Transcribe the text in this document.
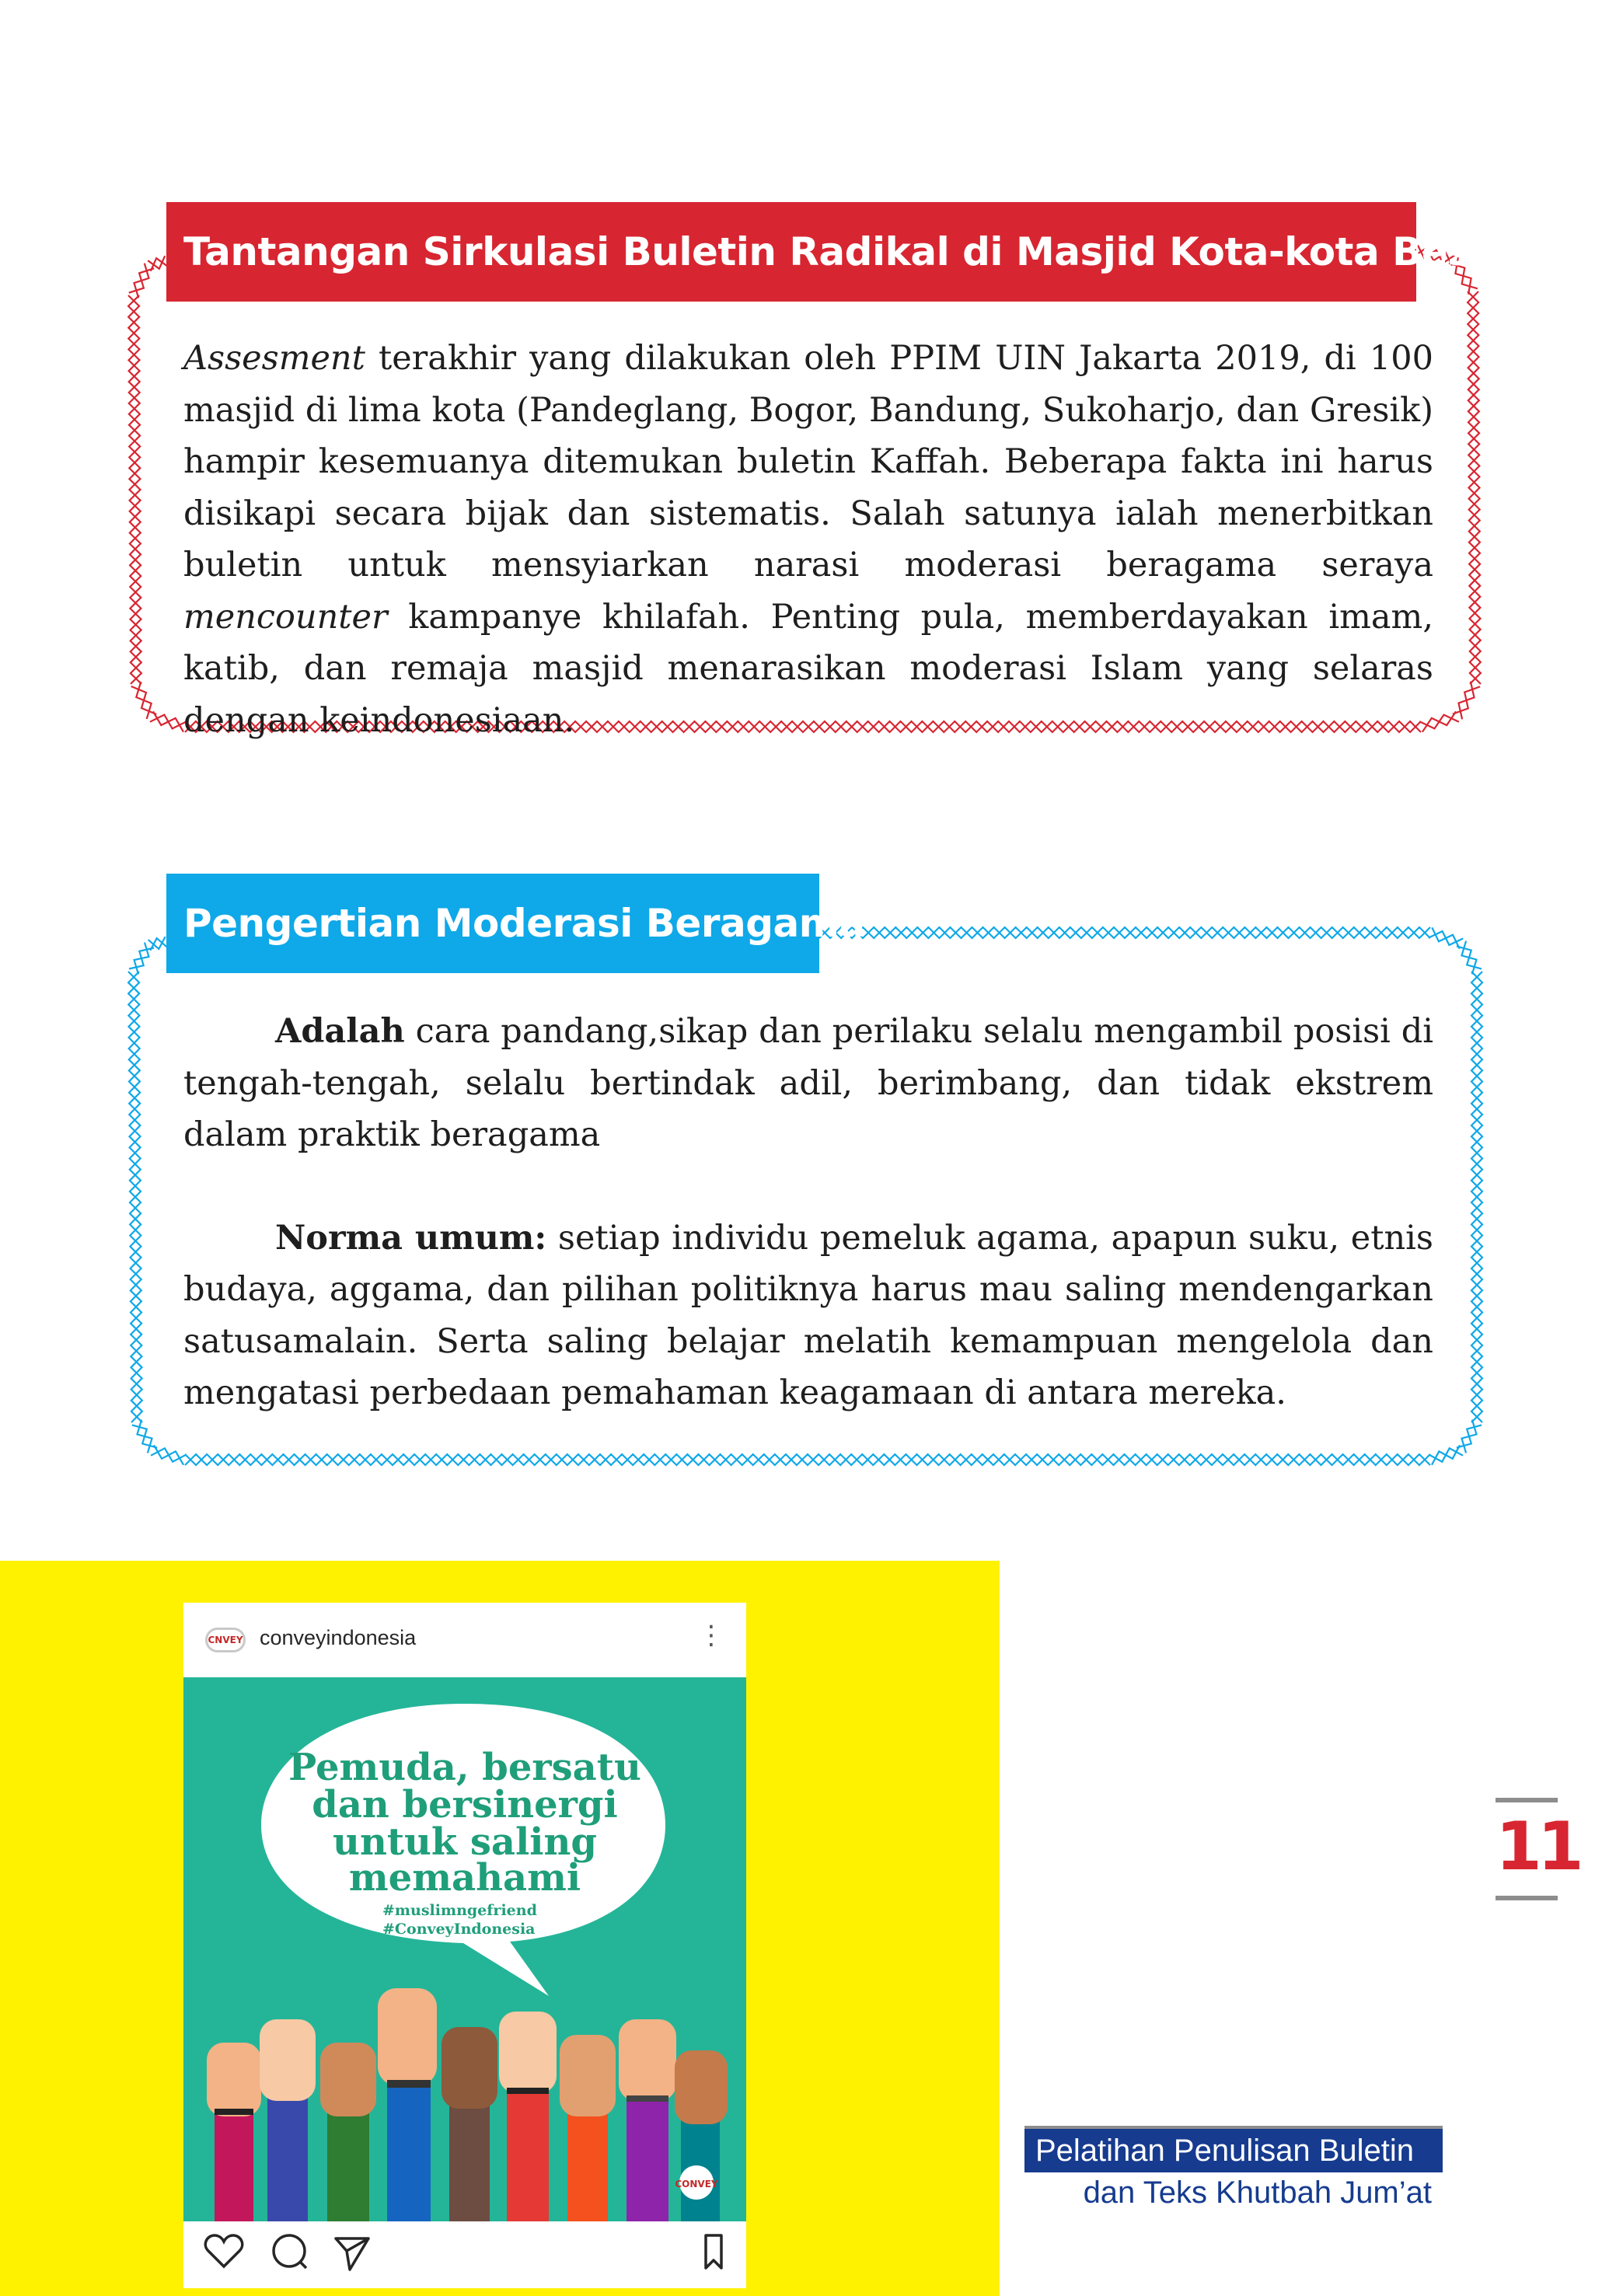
Tantangan Sirkulasi Buletin Radikal di Masjid Kota-kota Besar

Assesment terakhir yang dilakukan oleh PPIM UIN Jakarta 2019, di 100 masjid di lima kota (Pandeglang, Bogor, Bandung, Sukoharjo, dan Gresik) hampir kesemuanya ditemukan buletin Kaffah. Beberapa fakta ini harus disikapi secara bijak dan sistematis. Salah satunya ialah menerbitkan buletin untuk mensyiarkan narasi moderasi beragama seraya mencounter kampanye khilafah. Penting pula, memberdayakan imam, katib, dan remaja masjid menarasikan moderasi Islam yang selaras dengan keindonesiaan.

Pengertian Moderasi Beragama

Adalah cara pandang,sikap dan perilaku selalu mengambil posisi di tengah-tengah, selalu bertindak adil, berimbang, dan tidak ekstrem dalam praktik beragama

Norma umum: setiap individu pemeluk agama, apapun suku, etnis budaya, aggama, dan pilihan politiknya harus mau saling mendengarkan satusamalain. Serta saling belajar melatih kemampuan mengelola dan mengatasi perbedaan pemahaman keagamaan di antara mereka.

CNVEY conveyindonesia	⋮
Pemuda, bersatu
dan bersinergi
untuk saling
memahami
#muslimngefriend
#ConveyIndonesia
CONVEY
11
Pelatihan Penulisan Buletin
dan Teks Khutbah Jum’at
